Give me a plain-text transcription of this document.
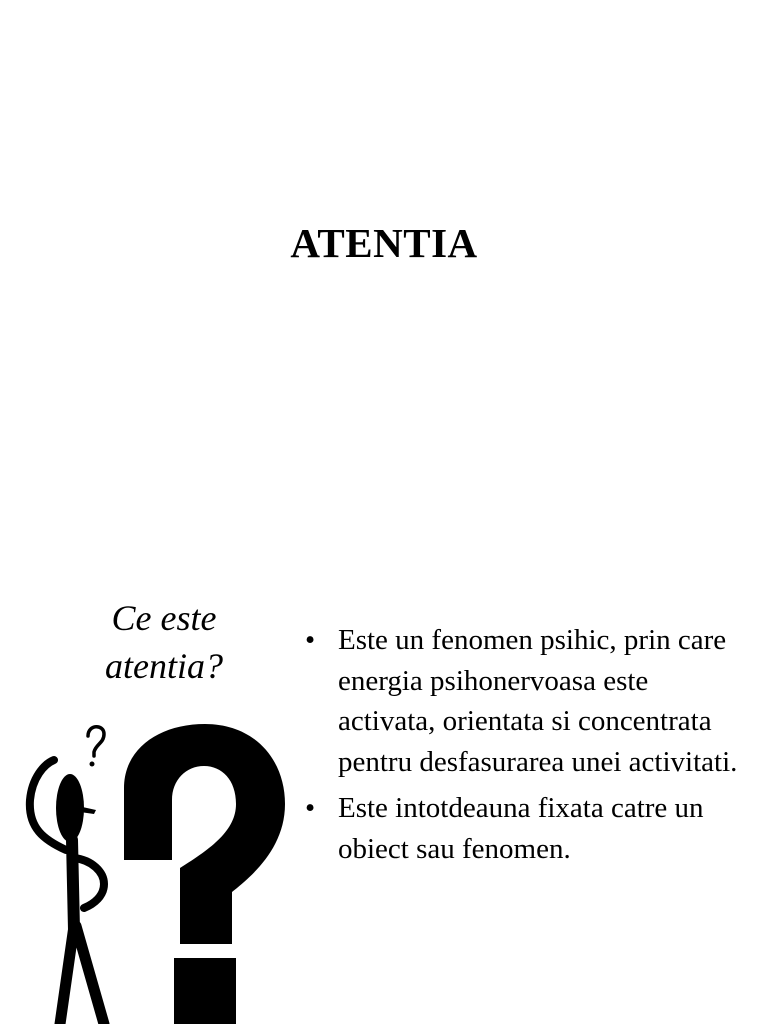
ATENTIA
Ce este atentia?
• Este un fenomen psihic, prin care energia psihonervoasa este activata, orientata si concentrata pentru desfasurarea unei activitati.
• Este intotdeauna fixata catre un obiect sau fenomen.
